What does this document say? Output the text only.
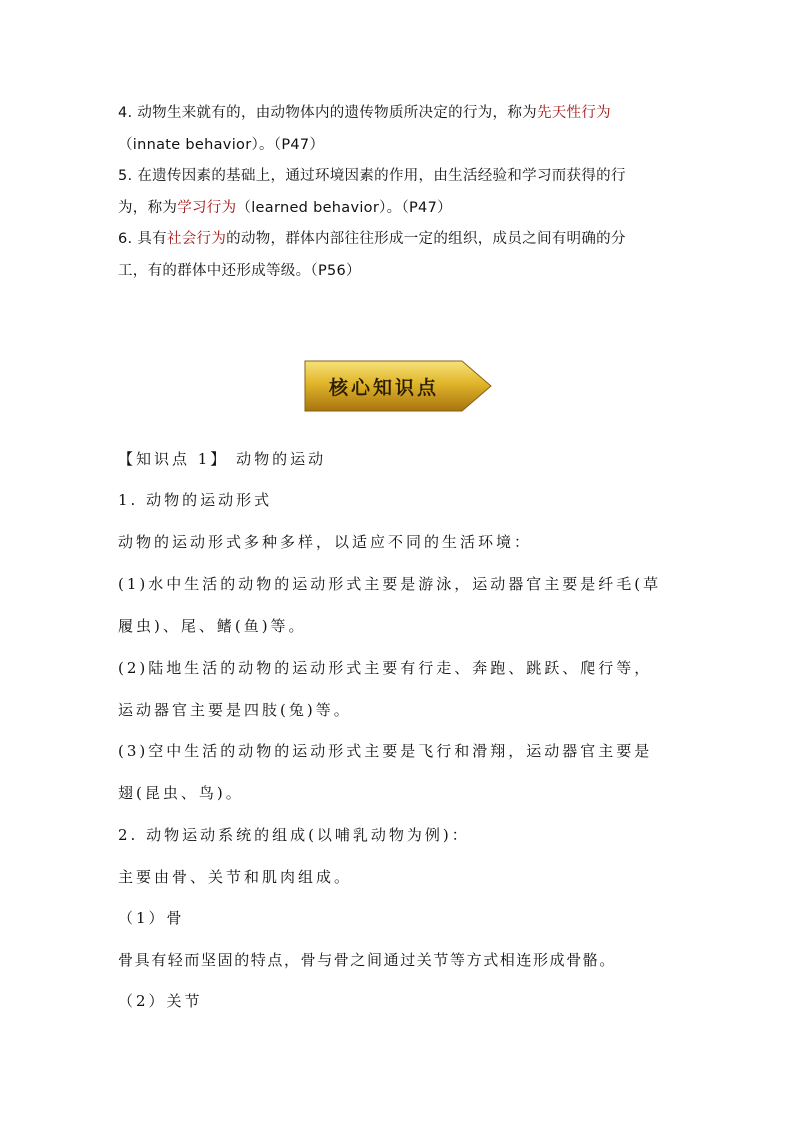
4. 动物生来就有的，由动物体内的遗传物质所决定的行为，称为先天性行为
（innate behavior）。（P47）
5. 在遗传因素的基础上，通过环境因素的作用，由生活经验和学习而获得的行
为，称为学习行为（learned behavior）。（P47）
6. 具有社会行为的动物，群体内部往往形成一定的组织，成员之间有明确的分
工，有的群体中还形成等级。（P56）
核心知识点
【知识点 1】 动物的运动
1. 动物的运动形式
动物的运动形式多种多样，以适应不同的生活环境：
(1)水中生活的动物的运动形式主要是游泳，运动器官主要是纤毛(草
履虫)、尾、鳍(鱼)等。
(2)陆地生活的动物的运动形式主要有行走、奔跑、跳跃、爬行等，
运动器官主要是四肢(兔)等。
(3)空中生活的动物的运动形式主要是飞行和滑翔，运动器官主要是
翅(昆虫、鸟)。
2. 动物运动系统的组成(以哺乳动物为例)：
主要由骨、关节和肌肉组成。
（1）骨
骨具有轻而坚固的特点，骨与骨之间通过关节等方式相连形成骨骼。
（2）关节
